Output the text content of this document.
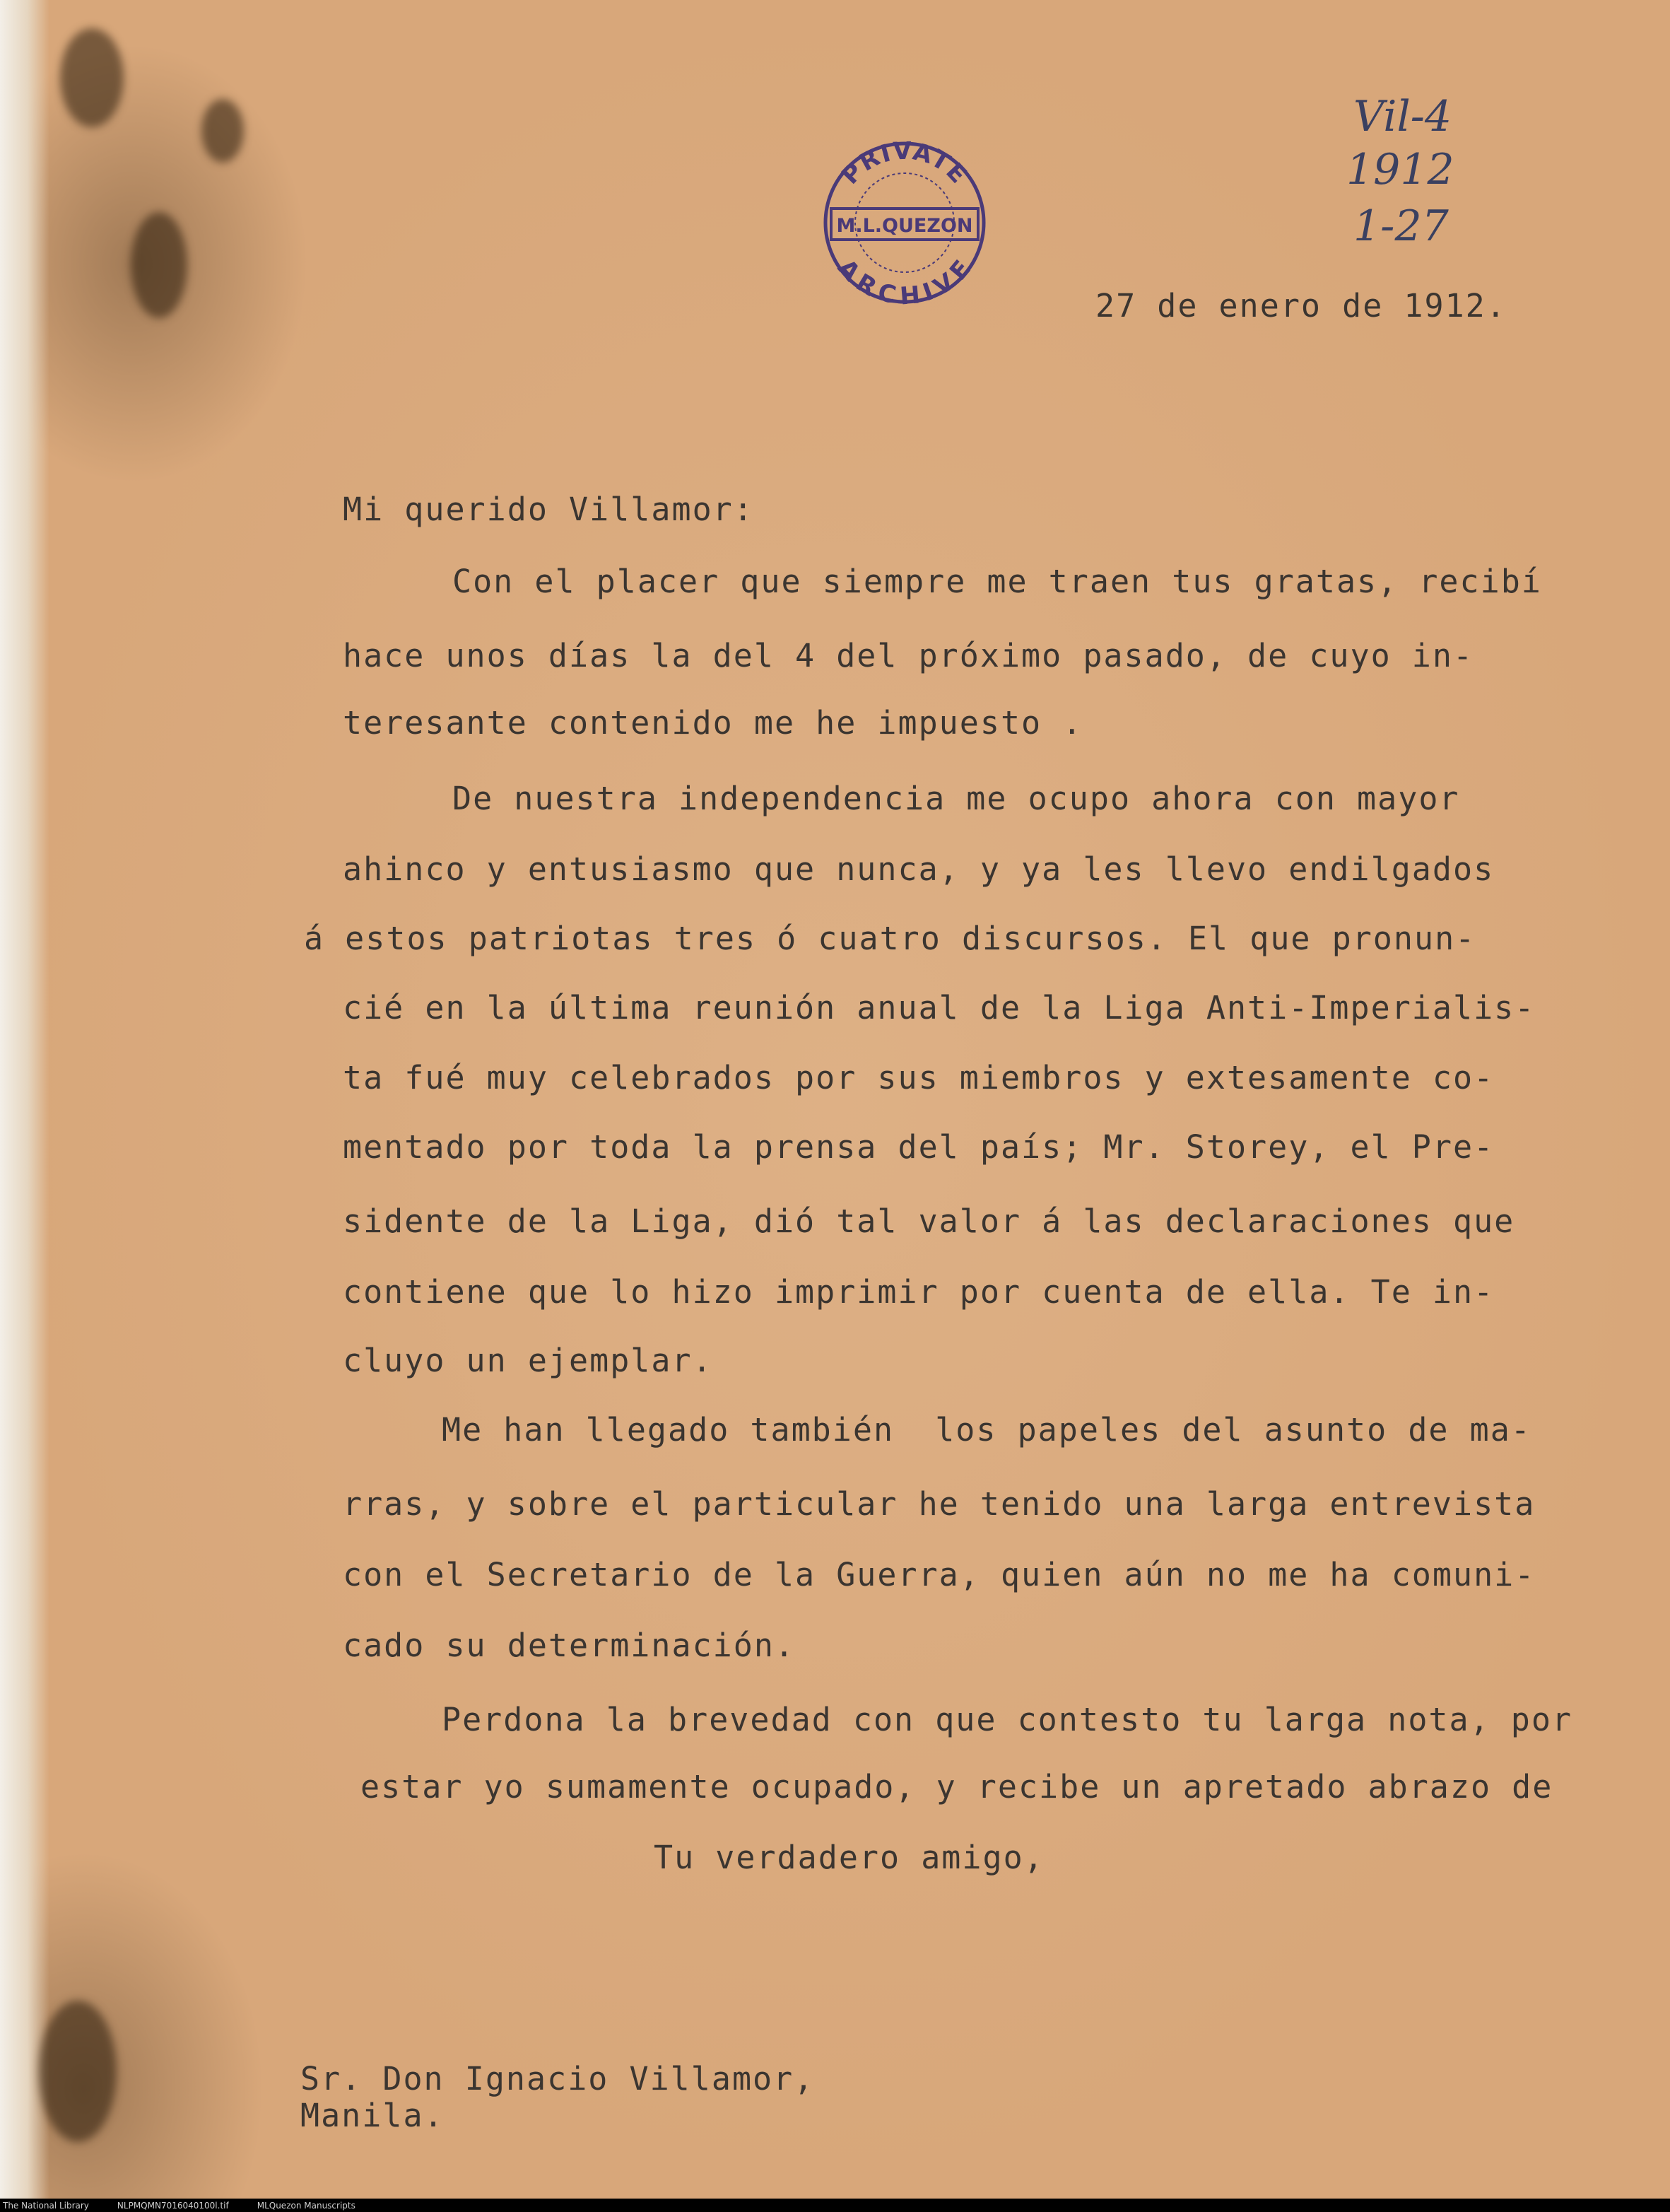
PRIVATE
M.L.QUEZON
ARCHIVE
Vil-4
1912
1-27
27 de enero de 1912.
Mi querido Villamor:
Con el placer que siempre me traen tus gratas, recibí
hace unos días la del 4 del próximo pasado, de cuyo in-
teresante contenido me he impuesto .
De nuestra independencia me ocupo ahora con mayor
ahinco y entusiasmo que nunca, y ya les llevo endilgados
á estos patriotas tres ó cuatro discursos. El que pronun-
cié en la última reunión anual de la Liga Anti-Imperialis-
ta fué muy celebrados por sus miembros y extesamente co-
mentado por toda la prensa del país; Mr. Storey, el Pre-
sidente de la Liga, dió tal valor á las declaraciones que
contiene que lo hizo imprimir por cuenta de ella. Te in-
cluyo un ejemplar.
Me han llegado también  los papeles del asunto de ma-
rras, y sobre el particular he tenido una larga entrevista
con el Secretario de la Guerra, quien aún no me ha comuni-
cado su determinación.
Perdona la brevedad con que contesto tu larga nota, por
estar yo sumamente ocupado, y recibe un apretado abrazo de
Tu verdadero amigo,
Sr. Don Ignacio Villamor,
Manila.
The National Library	NLPMQMN7016040100l.tif	MLQuezon Manuscripts
